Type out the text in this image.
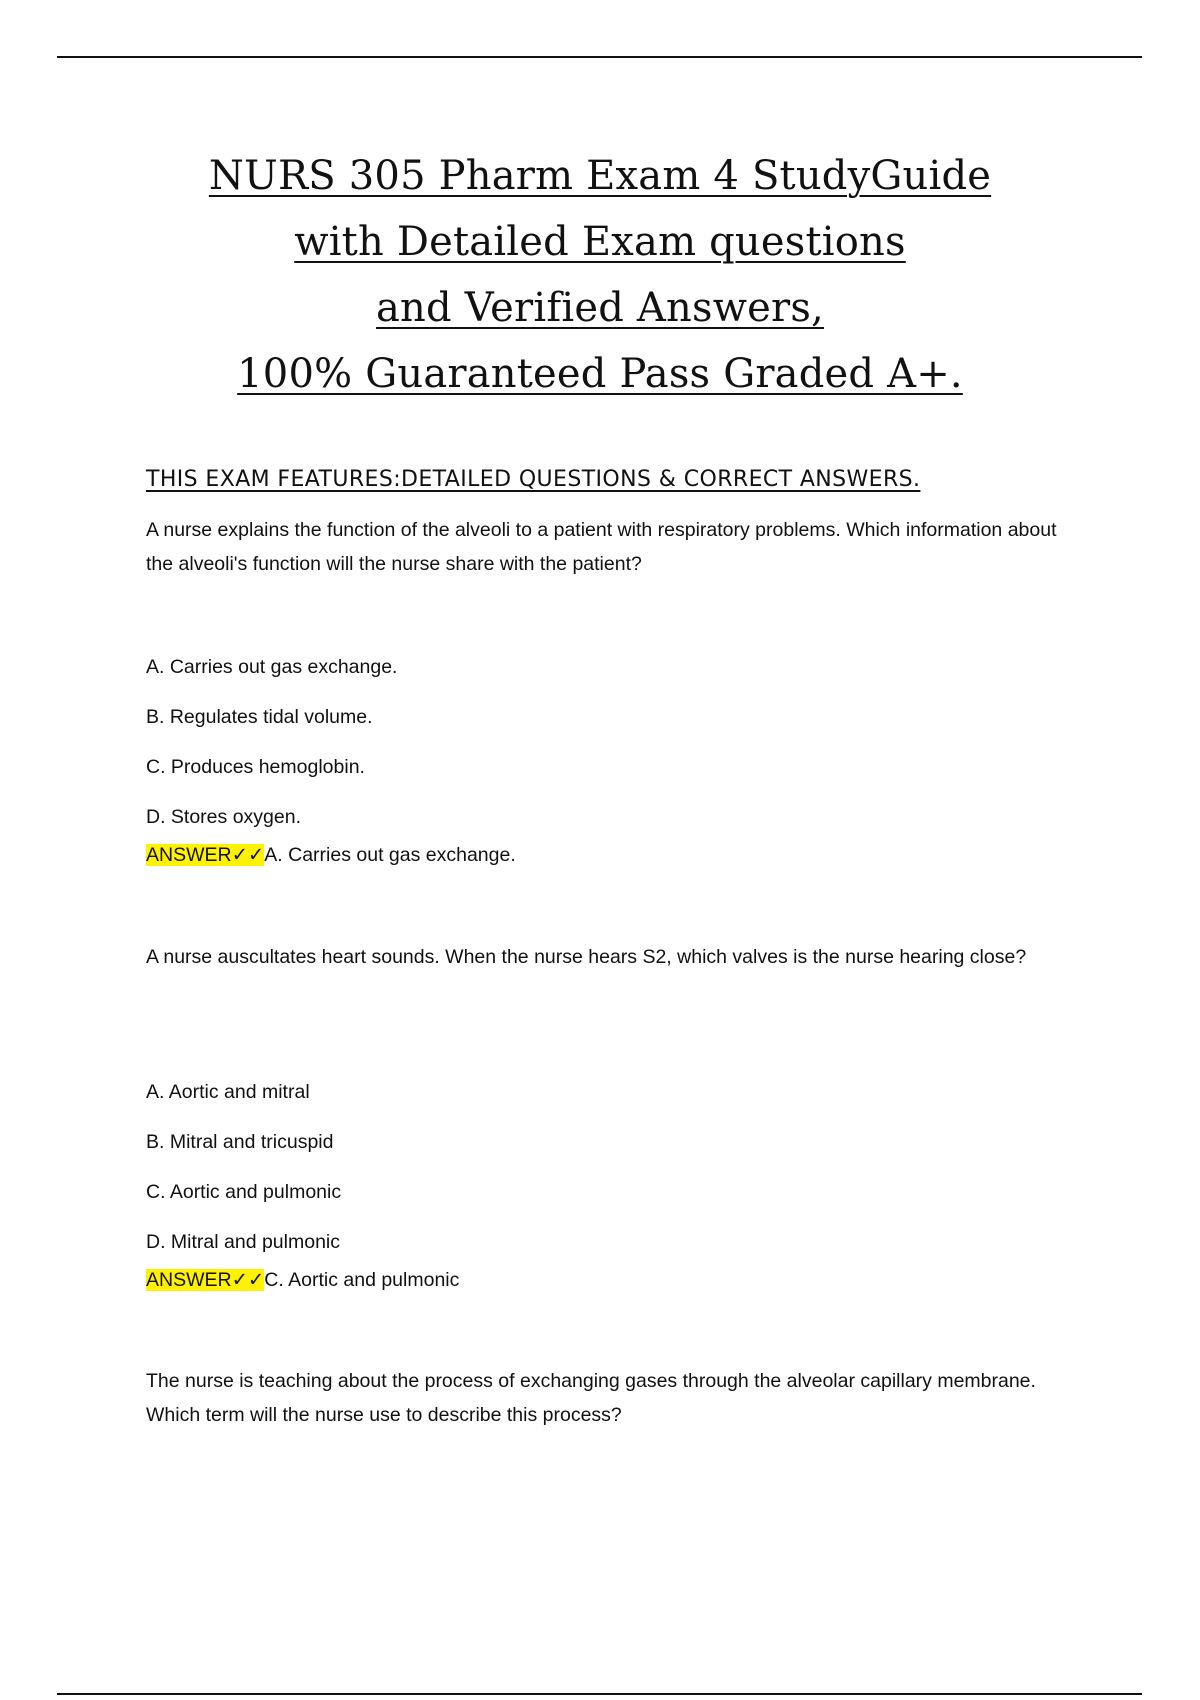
NURS 305 Pharm Exam 4 StudyGuide
with Detailed Exam questions
and Verified Answers,
100% Guaranteed Pass Graded A+.
THIS EXAM FEATURES:DETAILED QUESTIONS & CORRECT ANSWERS.

A nurse explains the function of the alveoli to a patient with respiratory problems. Which information about the alveoli's function will the nurse share with the patient?

A. Carries out gas exchange.
B. Regulates tidal volume.
C. Produces hemoglobin.
D. Stores oxygen.
ANSWER✓✓A. Carries out gas exchange.

A nurse auscultates heart sounds. When the nurse hears S2, which valves is the nurse hearing close?

A. Aortic and mitral
B. Mitral and tricuspid
C. Aortic and pulmonic
D. Mitral and pulmonic
ANSWER✓✓C. Aortic and pulmonic

The nurse is teaching about the process of exchanging gases through the alveolar capillary membrane. Which term will the nurse use to describe this process?
